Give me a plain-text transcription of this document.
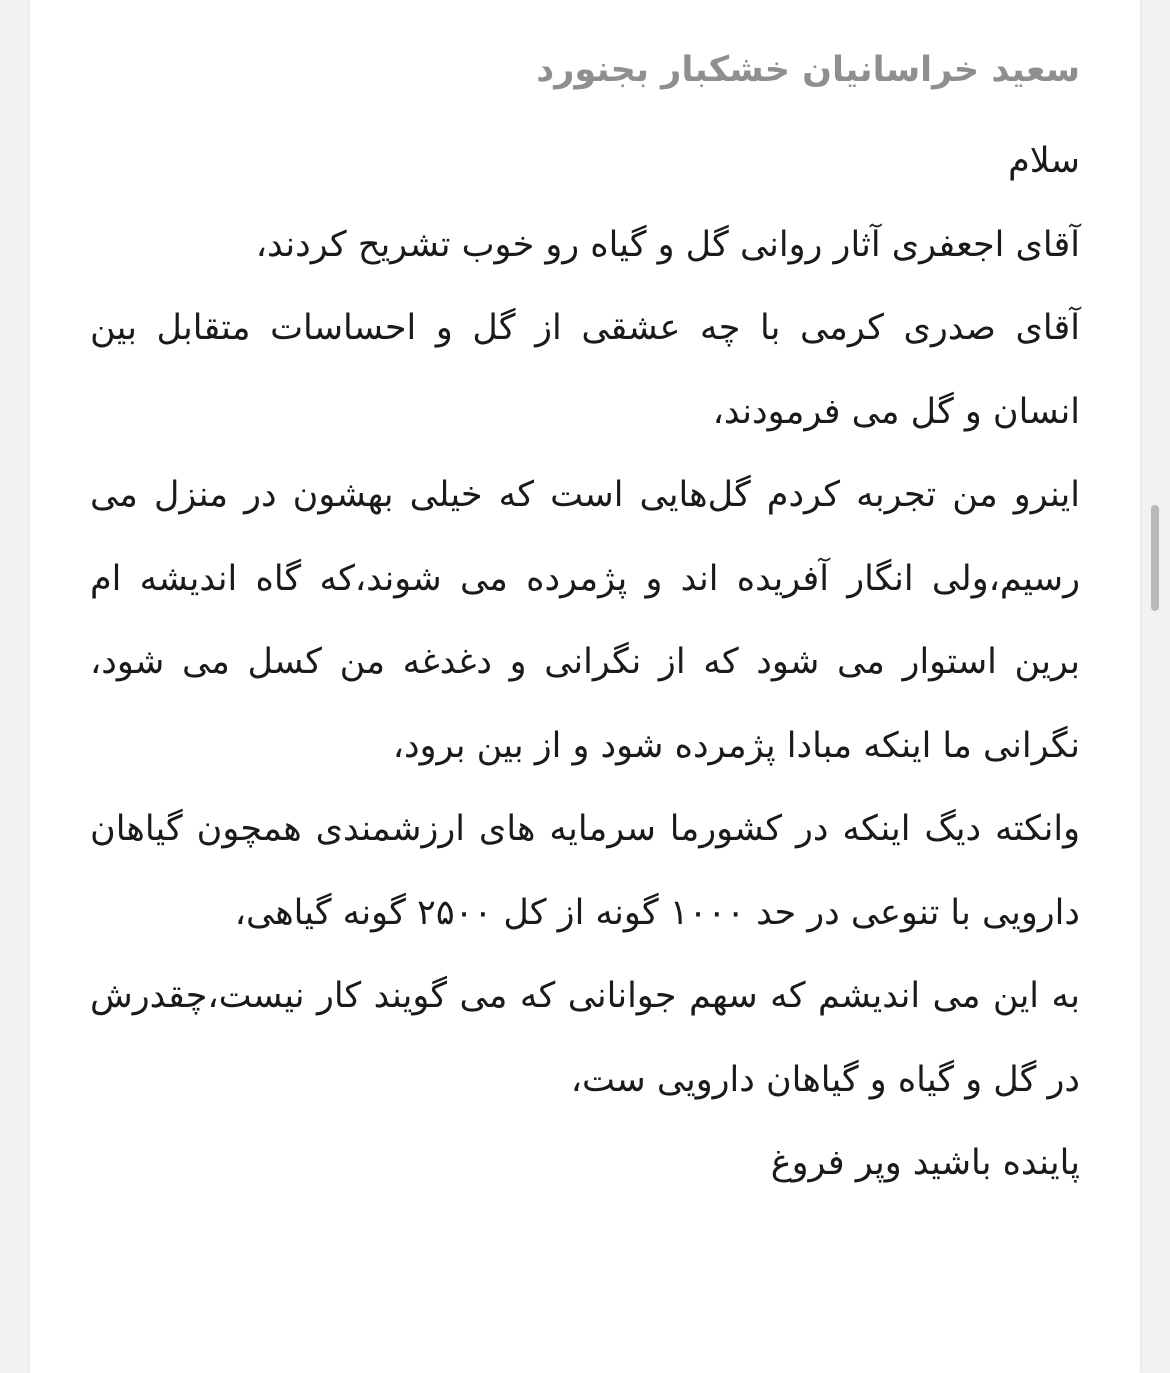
سعید خراسانیان خشکبار بجنورد

سلام

آقای اجعفری آثار روانی گل و گیاه رو خوب تشریح کردند،

آقای صدری کرمی با چه عشقی از گل و احساسات متقابل بین انسان و گل می فرمودند،

اینرو من تجربه کردم گل‌هایی است که خیلی بهشون در منزل می رسیم،ولی انگار آفریده اند و پژمرده می شوند،که گاه اندیشه ام برین استوار می شود که از نگرانی و دغدغه من کسل می شود، نگرانی ما اینکه مبادا پژمرده شود و از بین برود،

وانکته دیگ اینکه در کشورما سرمایه های ارزشمندی همچون گیاهان دارویی با تنوعی در حد ۱۰۰۰ گونه از کل ۲۵۰۰ گونه گیاهی،

به این می اندیشم که سهم جوانانی که می گویند کار نیست،چقدرش در گل و گیاه و گیاهان دارویی ست،

پاینده باشید وپر فروغ
